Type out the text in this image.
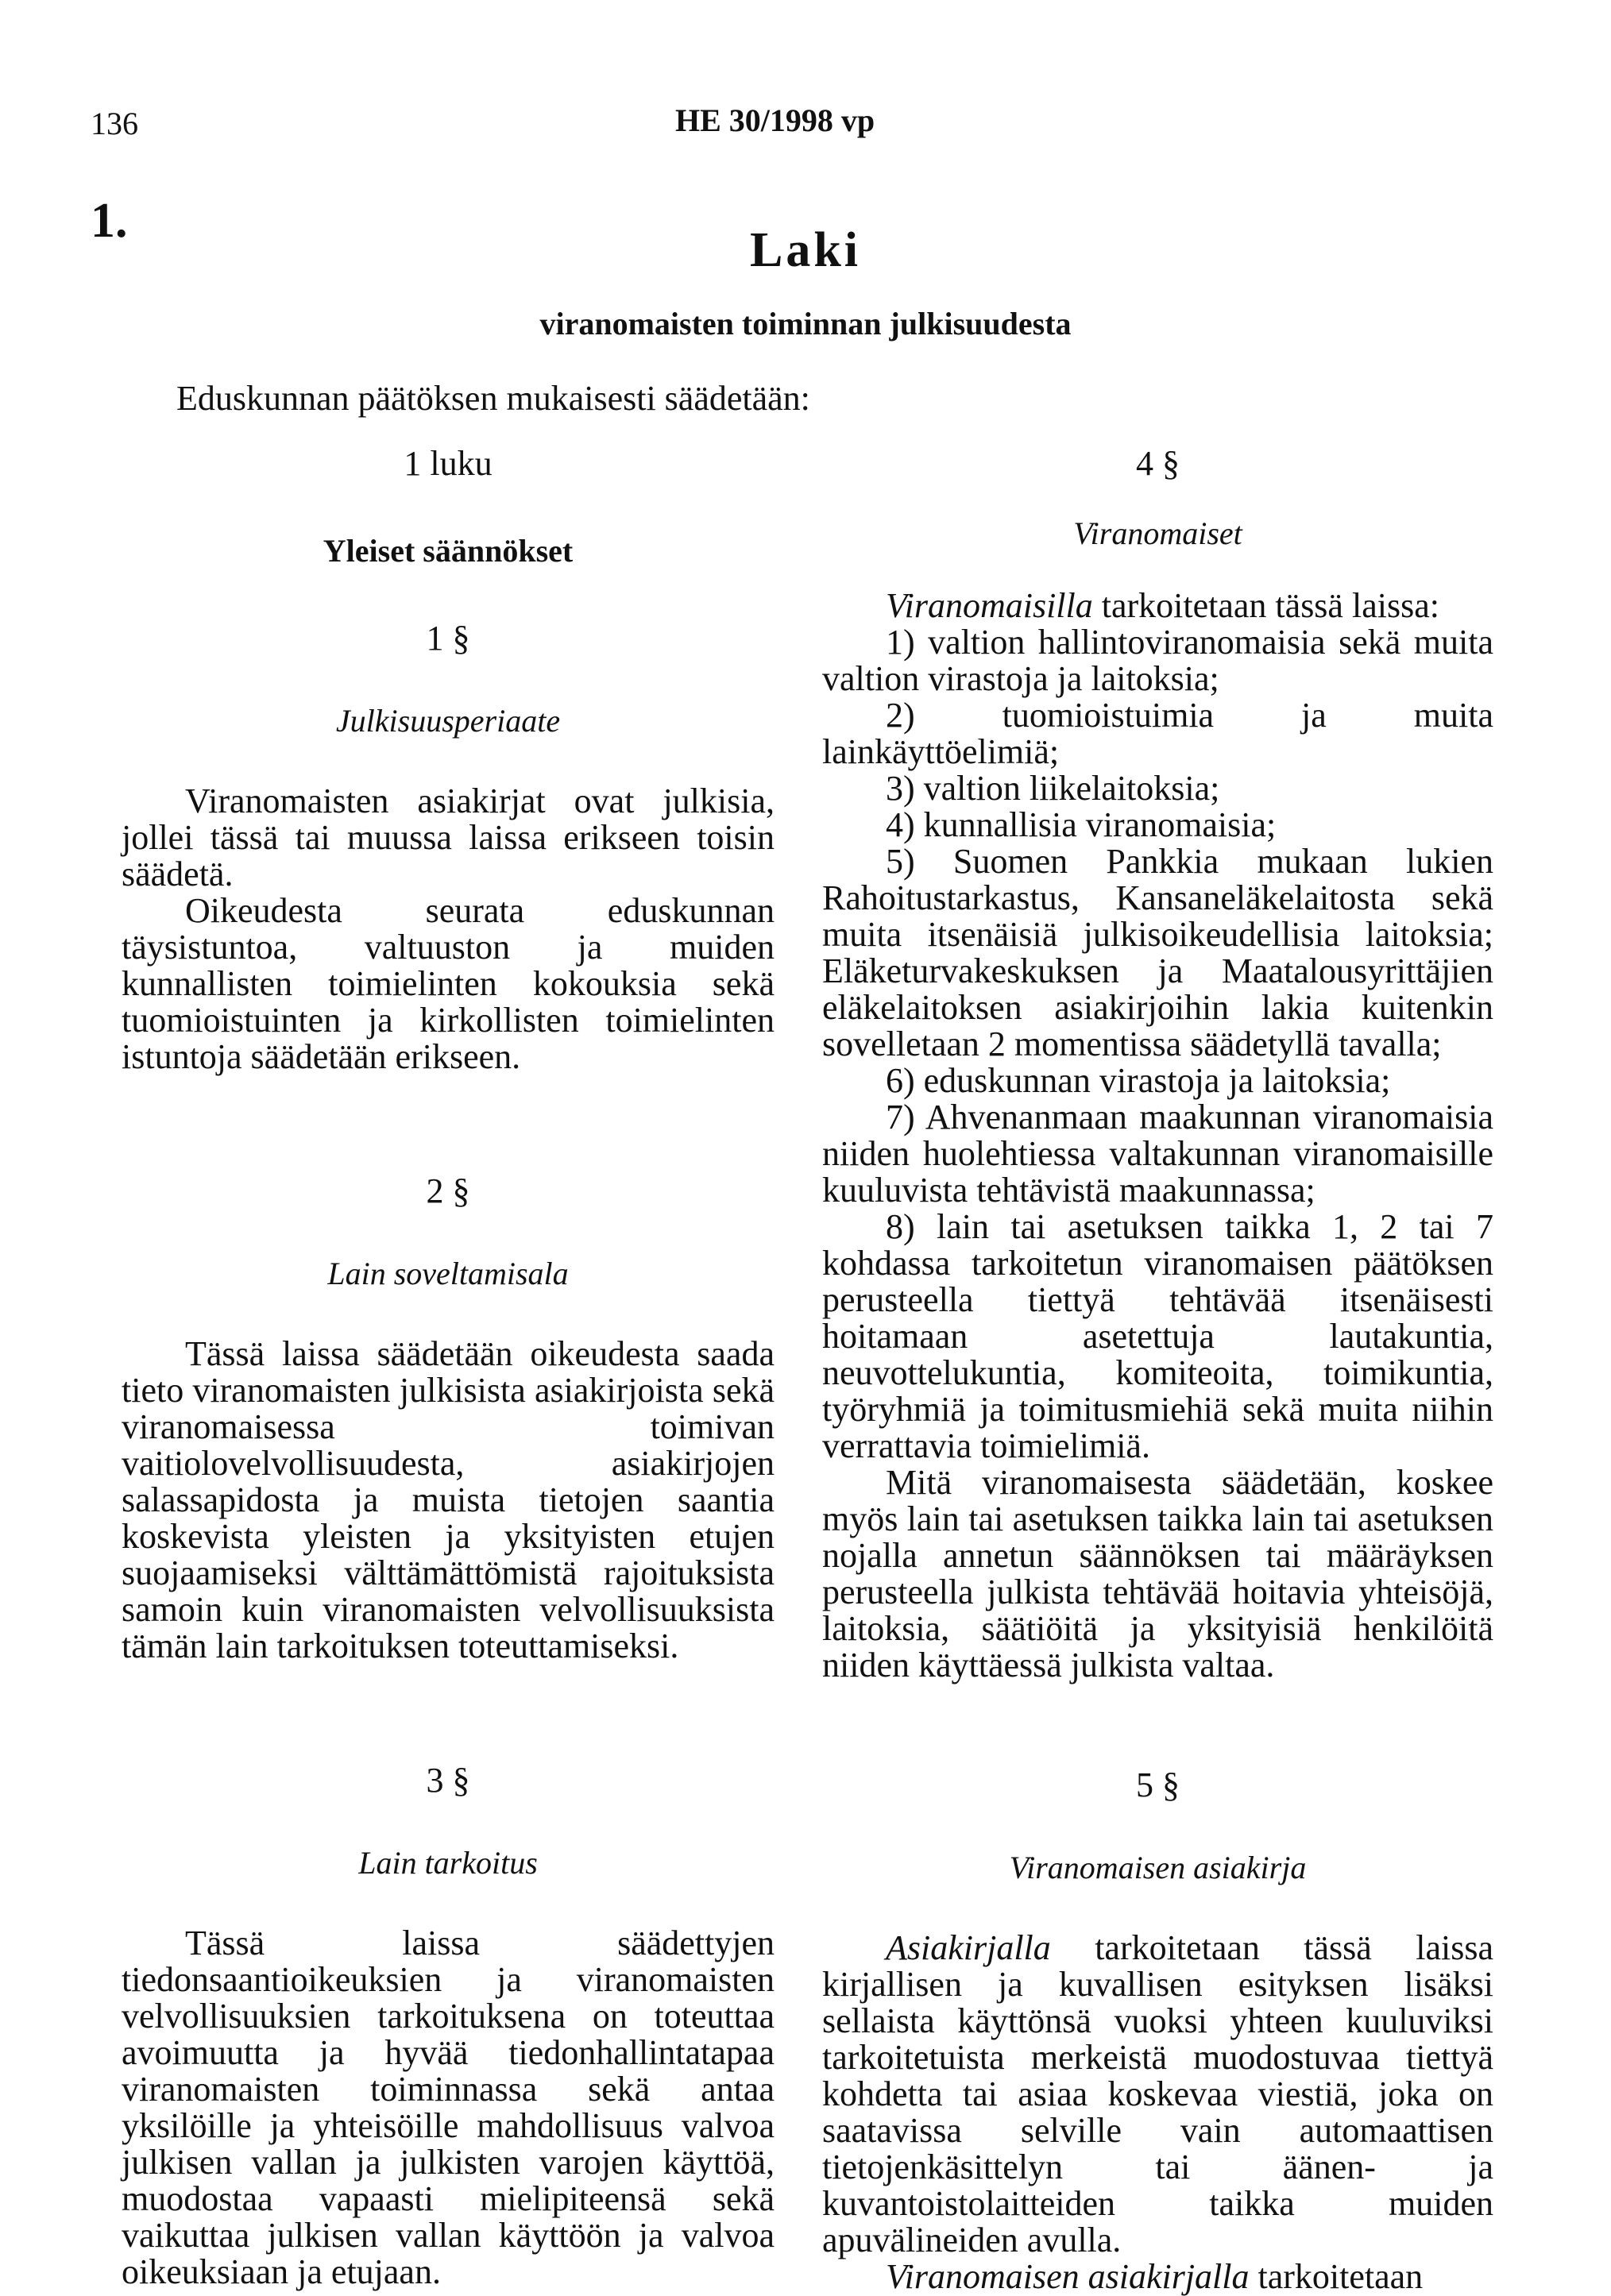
136	HE 30/1998 vp
1.
Laki
viranomaisten toiminnan julkisuudesta
Eduskunnan päätöksen mukaisesti säädetään:
1 luku
Yleiset säännökset
1 §
Julkisuusperiaate

Viranomaisten asiakirjat ovat julkisia, jollei tässä tai muussa laissa erikseen toisin säädetä.

Oikeudesta seurata eduskunnan täysistuntoa, valtuuston ja muiden kunnallisten toimielinten kokouksia sekä tuomioistuinten ja kirkollisten toimielinten istuntoja säädetään erikseen.

2 §
Lain soveltamisala

Tässä laissa säädetään oikeudesta saada tieto viranomaisten julkisista asiakirjoista sekä viranomaisessa toimivan vaitiolovelvollisuudesta, asiakirjojen salassapidosta ja muista tietojen saantia koskevista yleisten ja yksityisten etujen suojaamiseksi välttämättömistä rajoituksista samoin kuin viranomaisten velvollisuuksista tämän lain tarkoituksen toteuttamiseksi.

3 §
Lain tarkoitus

Tässä laissa säädettyjen tiedonsaantioikeuksien ja viranomaisten velvollisuuksien tarkoituksena on toteuttaa avoimuutta ja hyvää tiedonhallintatapaa viranomaisten toiminnassa sekä antaa yksilöille ja yhteisöille mahdollisuus valvoa julkisen vallan ja julkisten varojen käyttöä, muodostaa vapaasti mielipiteensä sekä vaikuttaa julkisen vallan käyttöön ja valvoa oikeuksiaan ja etujaan.

4 §
Viranomaiset

Viranomaisilla tarkoitetaan tässä laissa:

1) valtion hallintoviranomaisia sekä muita valtion virastoja ja laitoksia;

2) tuomioistuimia ja muita lainkäyttöelimiä;

3) valtion liikelaitoksia;

4) kunnallisia viranomaisia;

5) Suomen Pankkia mukaan lukien Rahoitustarkastus, Kansaneläkelaitosta sekä muita itsenäisiä julkisoikeudellisia laitoksia; Eläketurvakeskuksen ja Maatalousyrittäjien eläkelaitoksen asiakirjoihin lakia kuitenkin sovelletaan 2 momentissa säädetyllä tavalla;

6) eduskunnan virastoja ja laitoksia;

7) Ahvenanmaan maakunnan viranomaisia niiden huolehtiessa valtakunnan viranomaisille kuuluvista tehtävistä maakunnassa;

8) lain tai asetuksen taikka 1, 2 tai 7 kohdassa tarkoitetun viranomaisen päätöksen perusteella tiettyä tehtävää itsenäisesti hoitamaan asetettuja lautakuntia, neuvottelukuntia, komiteoita, toimikuntia, työryhmiä ja toimitusmiehiä sekä muita niihin verrattavia toimielimiä.

Mitä viranomaisesta säädetään, koskee myös lain tai asetuksen taikka lain tai asetuksen nojalla annetun säännöksen tai määräyksen perusteella julkista tehtävää hoitavia yhteisöjä, laitoksia, säätiöitä ja yksityisiä henkilöitä niiden käyttäessä julkista valtaa.

5 §
Viranomaisen asiakirja

Asiakirjalla tarkoitetaan tässä laissa kirjallisen ja kuvallisen esityksen lisäksi sellaista käyttönsä vuoksi yhteen kuuluviksi tarkoitetuista merkeistä muodostuvaa tiettyä kohdetta tai asiaa koskevaa viestiä, joka on saatavissa selville vain automaattisen tietojenkäsittelyn tai äänen- ja kuvantoistolaitteiden taikka muiden apuvälineiden avulla.

Viranomaisen asiakirjalla tarkoitetaan
